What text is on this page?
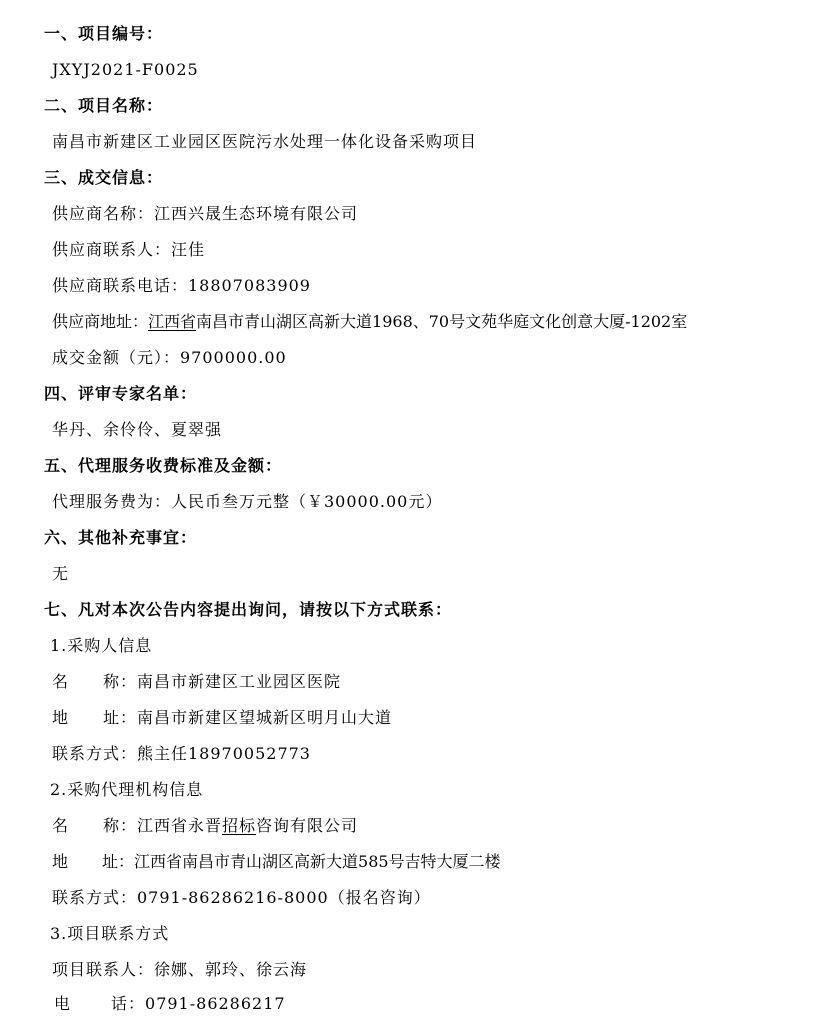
一、项目编号：
JXYJ2021-F0025
二、项目名称：
南昌市新建区工业园区医院污水处理一体化设备采购项目
三、成交信息：
供应商名称：江西兴晟生态环境有限公司
供应商联系人：汪佳
供应商联系电话：18807083909
供应商地址：江西省南昌市青山湖区高新大道1968、70号文苑华庭文化创意大厦-1202室
成交金额（元）：9700000.00
四、评审专家名单：
华丹、余伶伶、夏翠强
五、代理服务收费标准及金额：
代理服务费为：人民币叁万元整（￥30000.00元）
六、其他补充事宜：
无
七、凡对本次公告内容提出询问，请按以下方式联系：
1.采购人信息
名 称：南昌市新建区工业园区医院
地 址：南昌市新建区望城新区明月山大道
联系方式：熊主任18970052773
2.采购代理机构信息
名 称：江西省永晋招标咨询有限公司
地 址：江西省南昌市青山湖区高新大道585号吉特大厦二楼
联系方式：0791-86286216-8000（报名咨询）
3.项目联系方式
项目联系人：徐娜、郭玲、徐云海
电	话：0791-86286217
